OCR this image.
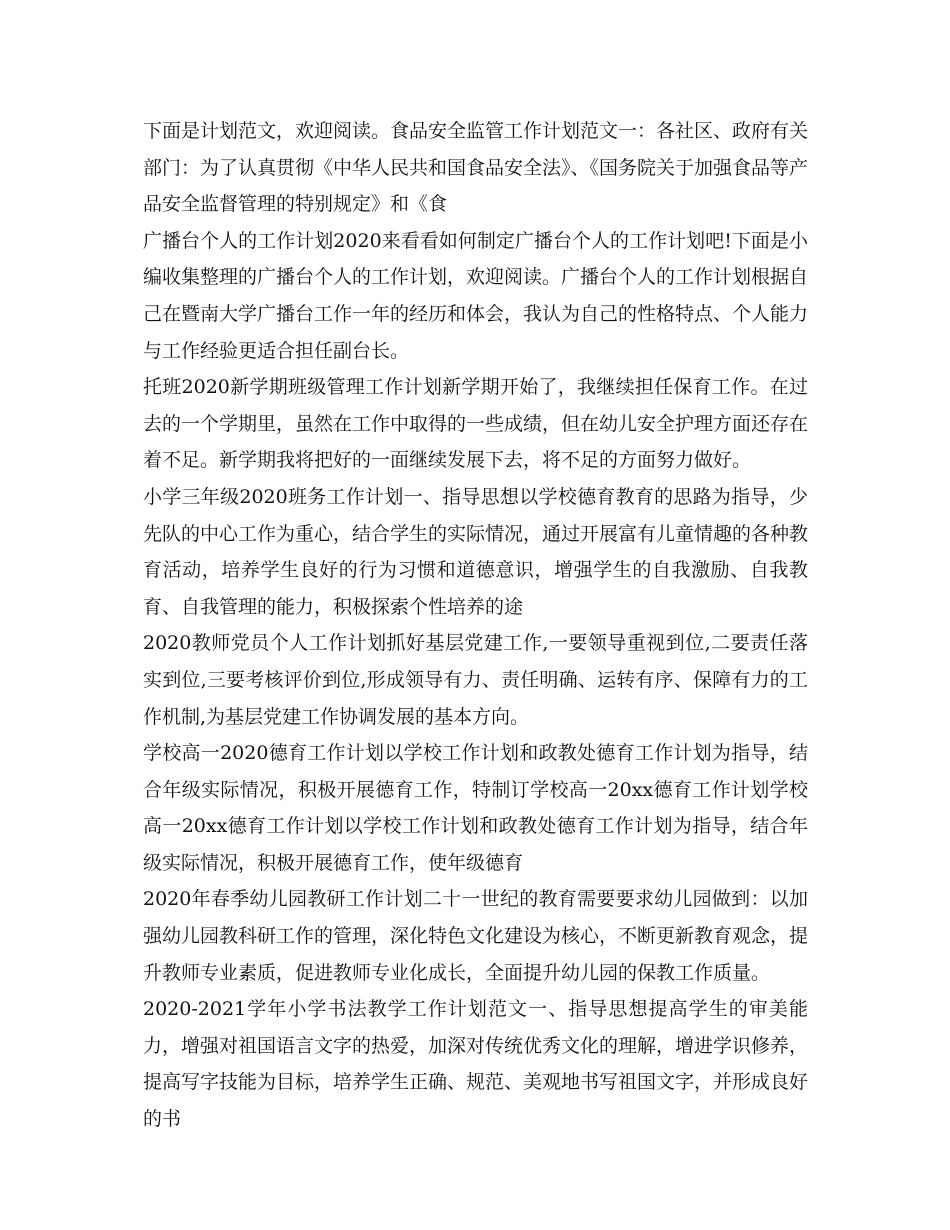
下面是计划范文，欢迎阅读。食品安全监管工作计划范文一：各社区、政府有关部门：为了认真贯彻《中华人民共和国食品安全法》、《国务院关于加强食品等产品安全监督管理的特别规定》和《食

广播台个人的工作计划2020来看看如何制定广播台个人的工作计划吧!下面是小编收集整理的广播台个人的工作计划，欢迎阅读。广播台个人的工作计划根据自己在暨南大学广播台工作一年的经历和体会，我认为自己的性格特点、个人能力与工作经验更适合担任副台长。

托班2020新学期班级管理工作计划新学期开始了，我继续担任保育工作。在过去的一个学期里，虽然在工作中取得的一些成绩，但在幼儿安全护理方面还存在着不足。新学期我将把好的一面继续发展下去，将不足的方面努力做好。

小学三年级2020班务工作计划一、指导思想以学校德育教育的思路为指导，少先队的中心工作为重心，结合学生的实际情况，通过开展富有儿童情趣的各种教育活动，培养学生良好的行为习惯和道德意识，增强学生的自我激励、自我教育、自我管理的能力，积极探索个性培养的途

2020教师党员个人工作计划抓好基层党建工作,一要领导重视到位,二要责任落实到位,三要考核评价到位,形成领导有力、责任明确、运转有序、保障有力的工作机制,为基层党建工作协调发展的基本方向。

学校高一2020德育工作计划以学校工作计划和政教处德育工作计划为指导，结合年级实际情况，积极开展德育工作，特制订学校高一20xx德育工作计划学校高一20xx德育工作计划以学校工作计划和政教处德育工作计划为指导，结合年级实际情况，积极开展德育工作，使年级德育

2020年春季幼儿园教研工作计划二十一世纪的教育需要要求幼儿园做到：以加强幼儿园教科研工作的管理，深化特色文化建设为核心，不断更新教育观念，提升教师专业素质，促进教师专业化成长，全面提升幼儿园的保教工作质量。

2020-2021学年小学书法教学工作计划范文一、指导思想提高学生的审美能力，增强对祖国语言文字的热爱，加深对传统优秀文化的理解，增进学识修养，提高写字技能为目标，培养学生正确、规范、美观地书写祖国文字，并形成良好的书
